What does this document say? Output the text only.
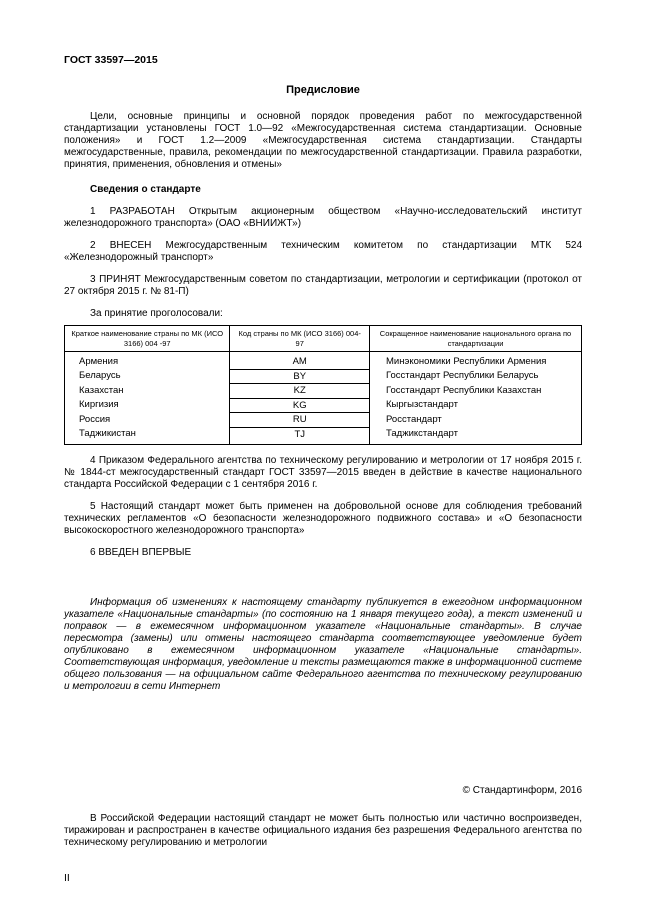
ГОСТ 33597—2015

Предисловие

Цели, основные принципы и основной порядок проведения работ по межгосударственной стандартизации установлены ГОСТ 1.0—92 «Межгосударственная система стандартизации. Основные положения» и ГОСТ 1.2—2009 «Межгосударственная система стандартизации. Стандарты межгосударственные, правила, рекомендации по межгосударственной стандартизации. Правила разработки, принятия, применения, обновления и отмены»

Сведения о стандарте

1 РАЗРАБОТАН Открытым акционерным обществом «Научно-исследовательский институт железнодорожного транспорта» (ОАО «ВНИИЖТ»)

2 ВНЕСЕН Межгосударственным техническим комитетом по стандартизации МТК 524 «Железнодорожный транспорт»

3 ПРИНЯТ Межгосударственным советом по стандартизации, метрологии и сертификации (протокол от 27 октября 2015 г. № 81-П)

За принятие проголосовали:

Краткое наименование страны по МК (ИСО 3166) 004 -97	Код страны по МК (ИСО 3166) 004- 97	Сокращенное наименование национального органа по стандартизации
Армения	AM	Минэкономики Республики Армения
Беларусь	BY	Госстандарт Республики Беларусь
Казахстан	KZ	Госстандарт Республики Казахстан
Киргизия	KG	Кыргызстандарт
Россия	RU	Росстандарт
Таджикистан	TJ	Таджикстандарт

4 Приказом Федерального агентства по техническому регулированию и метрологии от 17 ноября 2015 г. № 1844-ст межгосударственный стандарт ГОСТ 33597—2015 введен в действие в качестве национального стандарта Российской Федерации с 1 сентября 2016 г.

5 Настоящий стандарт может быть применен на добровольной основе для соблюдения требований технических регламентов «О безопасности железнодорожного подвижного состава» и «О безопасности высокоскоростного железнодорожного транспорта»

6 ВВЕДЕН ВПЕРВЫЕ

Информация об изменениях к настоящему стандарту публикуется в ежегодном информационном указателе «Национальные стандарты» (по состоянию на 1 января текущего года), а текст изменений и поправок — в ежемесячном информационном указателе «Национальные стандарты». В случае пересмотра (замены) или отмены настоящего стандарта соответствующее уведомление будет опубликовано в ежемесячном информационном указателе «Национальные стандарты». Соответствующая информация, уведомление и тексты размещаются также в информационной системе общего пользования — на официальном сайте Федерального агентства по техническому регулированию и метрологии в сети Интернет

© Стандартинформ, 2016

В Российской Федерации настоящий стандарт не может быть полностью или частично воспроизведен, тиражирован и распространен в качестве официального издания без разрешения Федерального агентства по техническому регулированию и метрологии

II
